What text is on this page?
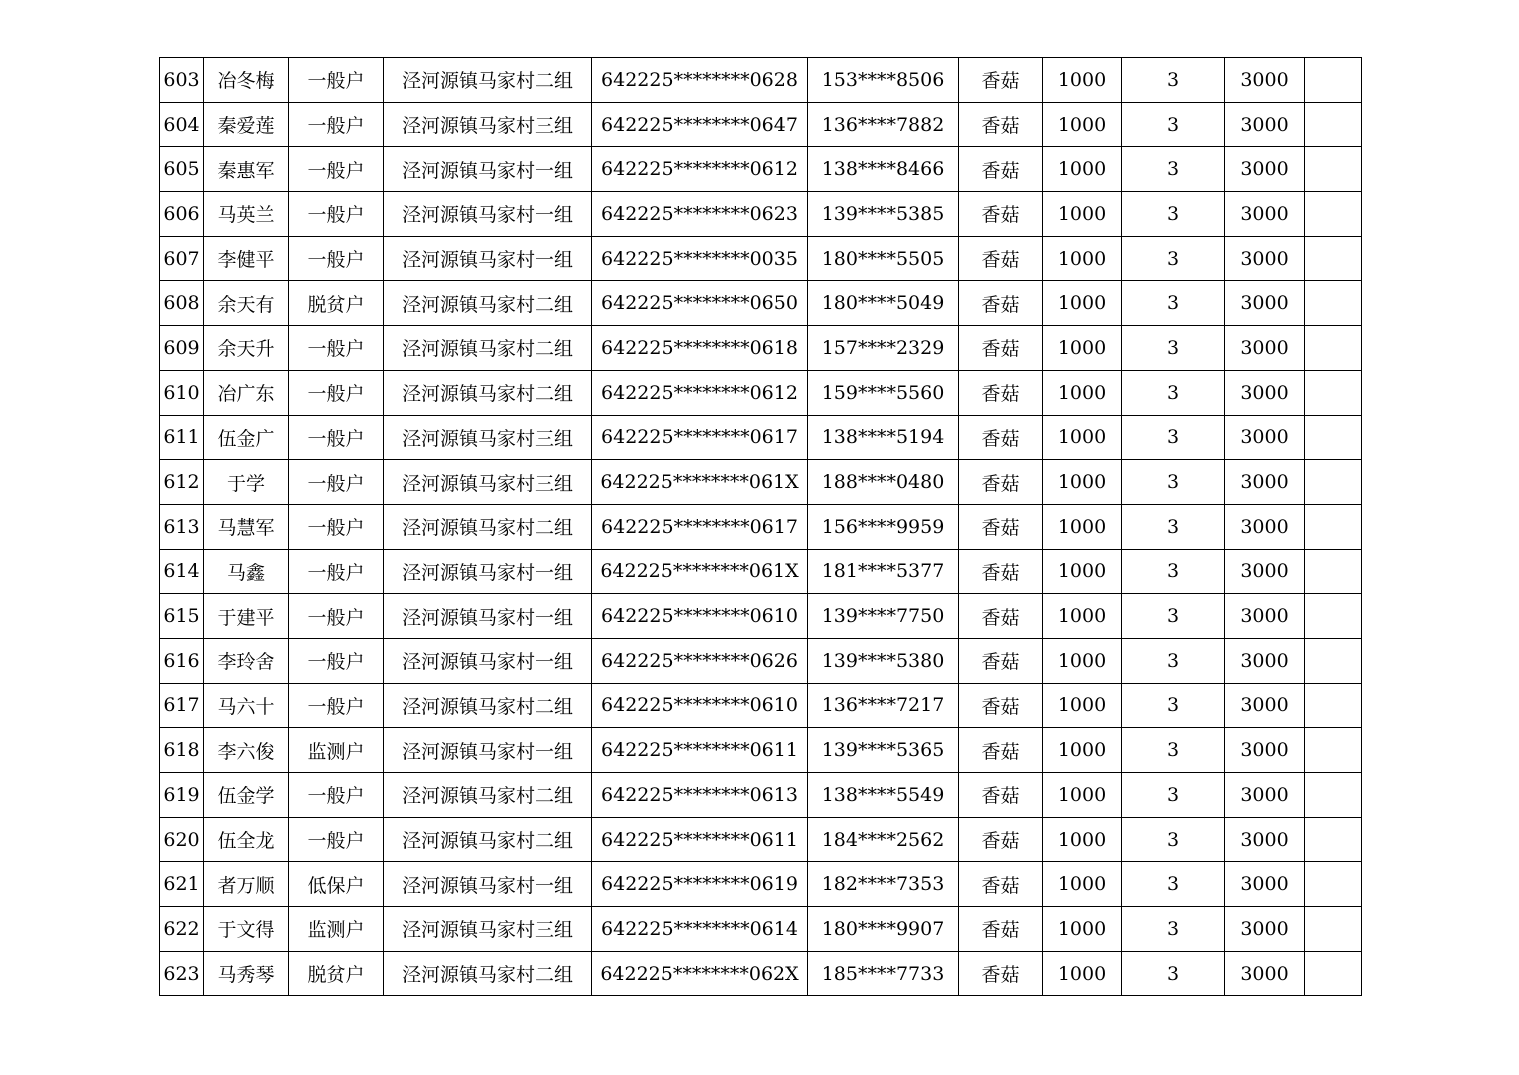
603	冶冬梅	一般户	泾河源镇马家村二组	642225********0628	153****8506	香菇	1000	3	3000	
604	秦爱莲	一般户	泾河源镇马家村三组	642225********0647	136****7882	香菇	1000	3	3000	
605	秦惠军	一般户	泾河源镇马家村一组	642225********0612	138****8466	香菇	1000	3	3000	
606	马英兰	一般户	泾河源镇马家村一组	642225********0623	139****5385	香菇	1000	3	3000	
607	李健平	一般户	泾河源镇马家村一组	642225********0035	180****5505	香菇	1000	3	3000	
608	余天有	脱贫户	泾河源镇马家村二组	642225********0650	180****5049	香菇	1000	3	3000	
609	余天升	一般户	泾河源镇马家村二组	642225********0618	157****2329	香菇	1000	3	3000	
610	冶广东	一般户	泾河源镇马家村二组	642225********0612	159****5560	香菇	1000	3	3000	
611	伍金广	一般户	泾河源镇马家村三组	642225********0617	138****5194	香菇	1000	3	3000	
612	于学	一般户	泾河源镇马家村三组	642225********061X	188****0480	香菇	1000	3	3000	
613	马慧军	一般户	泾河源镇马家村二组	642225********0617	156****9959	香菇	1000	3	3000	
614	马鑫	一般户	泾河源镇马家村一组	642225********061X	181****5377	香菇	1000	3	3000	
615	于建平	一般户	泾河源镇马家村一组	642225********0610	139****7750	香菇	1000	3	3000	
616	李玲舍	一般户	泾河源镇马家村一组	642225********0626	139****5380	香菇	1000	3	3000	
617	马六十	一般户	泾河源镇马家村二组	642225********0610	136****7217	香菇	1000	3	3000	
618	李六俊	监测户	泾河源镇马家村一组	642225********0611	139****5365	香菇	1000	3	3000	
619	伍金学	一般户	泾河源镇马家村二组	642225********0613	138****5549	香菇	1000	3	3000	
620	伍全龙	一般户	泾河源镇马家村二组	642225********0611	184****2562	香菇	1000	3	3000	
621	者万顺	低保户	泾河源镇马家村一组	642225********0619	182****7353	香菇	1000	3	3000	
622	于文得	监测户	泾河源镇马家村三组	642225********0614	180****9907	香菇	1000	3	3000	
623	马秀琴	脱贫户	泾河源镇马家村二组	642225********062X	185****7733	香菇	1000	3	3000	
